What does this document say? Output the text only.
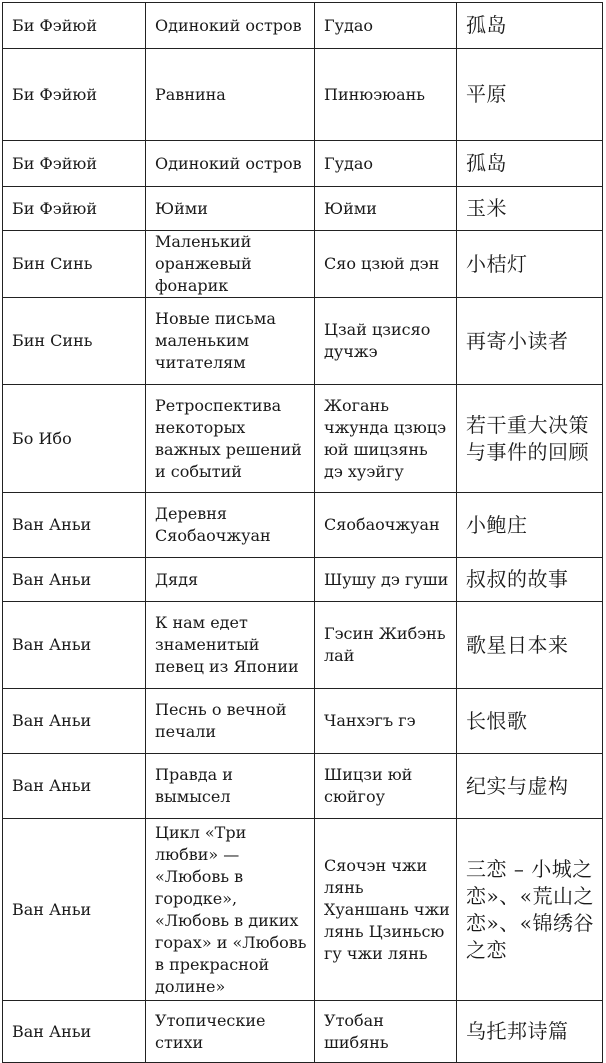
Би Фэйюй	Одинокий остров	Гудао	孤岛
Би Фэйюй	Равнина	Пинюэюань	平原
Би Фэйюй	Одинокий остров	Гудао	孤岛
Би Фэйюй	Юйми	Юйми	玉米
Бин Синь	Маленький оранжевый фонарик	Сяо цзюй дэн	小桔灯
Бин Синь	Новые письма маленьким читателям	Цзай цзисяо дучжэ	再寄小读者
Бо Ибо	Ретроспектива некоторых важных решений и событий	Жогань чжунда цзюцэ юй шицзянь дэ хуэйгу	若干重大决策与事件的回顾
Ван Аньи	Деревня Сяобаочжуан	Сяобаочжуан	小鲍庄
Ван Аньи	Дядя	Шушу дэ гуши	叔叔的故事
Ван Аньи	К нам едет знаменитый певец из Японии	Гэсин Жибэнь лай	歌星日本来
Ван Аньи	Песнь о вечной печали	Чанхэгъ гэ	长恨歌
Ван Аньи	Правда и вымысел	Шицзи юй сюйгоу	纪实与虚构
Ван Аньи	Цикл «Три любви» — «Любовь в городке», «Любовь в диких горах» и «Любовь в прекрасной долине»	Сяочэн чжи лянь Хуаншань чжи лянь Цзиньсю гу чжи лянь	三恋 – 小城之恋»、«荒山之恋»、«锦绣谷之恋
Ван Аньи	Утопические стихи	Утобан шибянь	乌托邦诗篇
